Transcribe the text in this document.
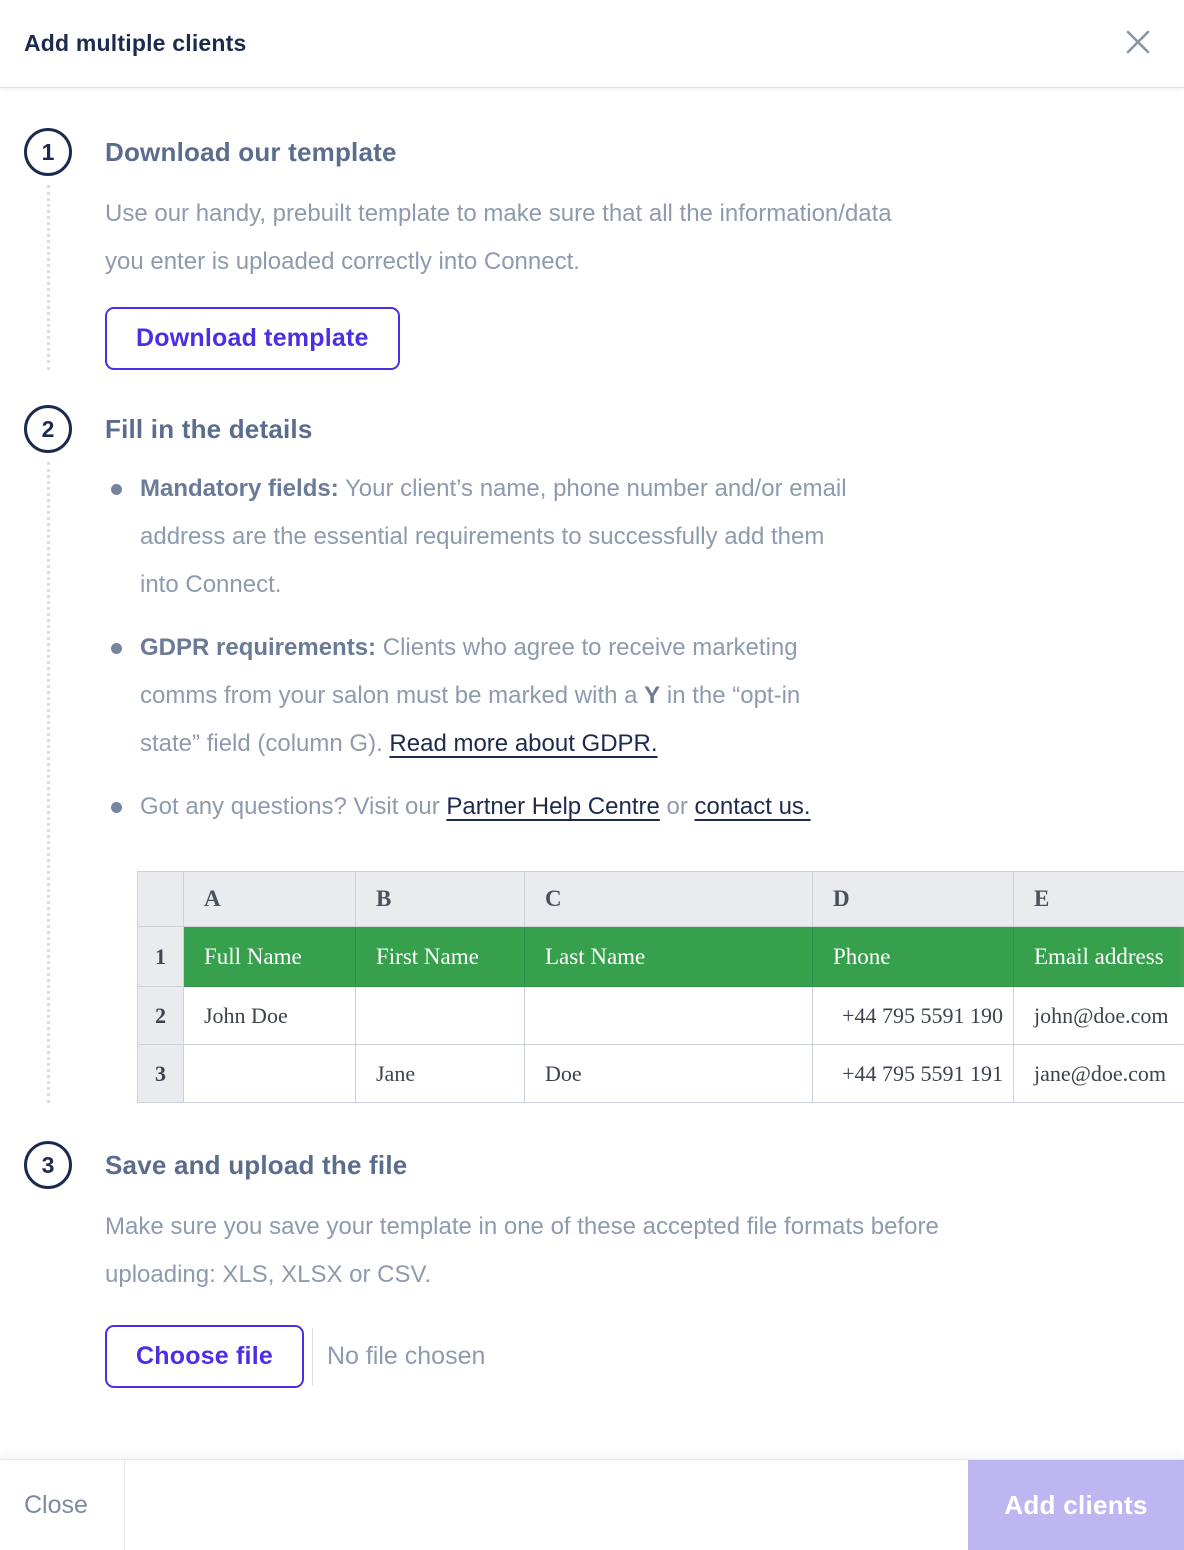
Add multiple clients
1	Download our template
Use our handy, prebuilt template to make sure that all the information/data
you enter is uploaded correctly into Connect.
Download template
2	Fill in the details
Mandatory fields: Your client’s name, phone number and/or email
address are the essential requirements to successfully add them
into Connect.
GDPR requirements: Clients who agree to receive marketing
comms from your salon must be marked with a Y in the “opt-in
state” field (column G). Read more about GDPR.
Got any questions? Visit our Partner Help Centre or contact us.
	A	B	C	D	E
1	Full Name	First Name	Last Name	Phone	Email address
2	John Doe			+44 795 5591 190	john@doe.com
3		Jane	Doe	+44 795 5591 191	jane@doe.com
3	Save and upload the file
Make sure you save your template in one of these accepted file formats before
uploading: XLS, XLSX or CSV.
Choose file	No file chosen
Close	Add clients
